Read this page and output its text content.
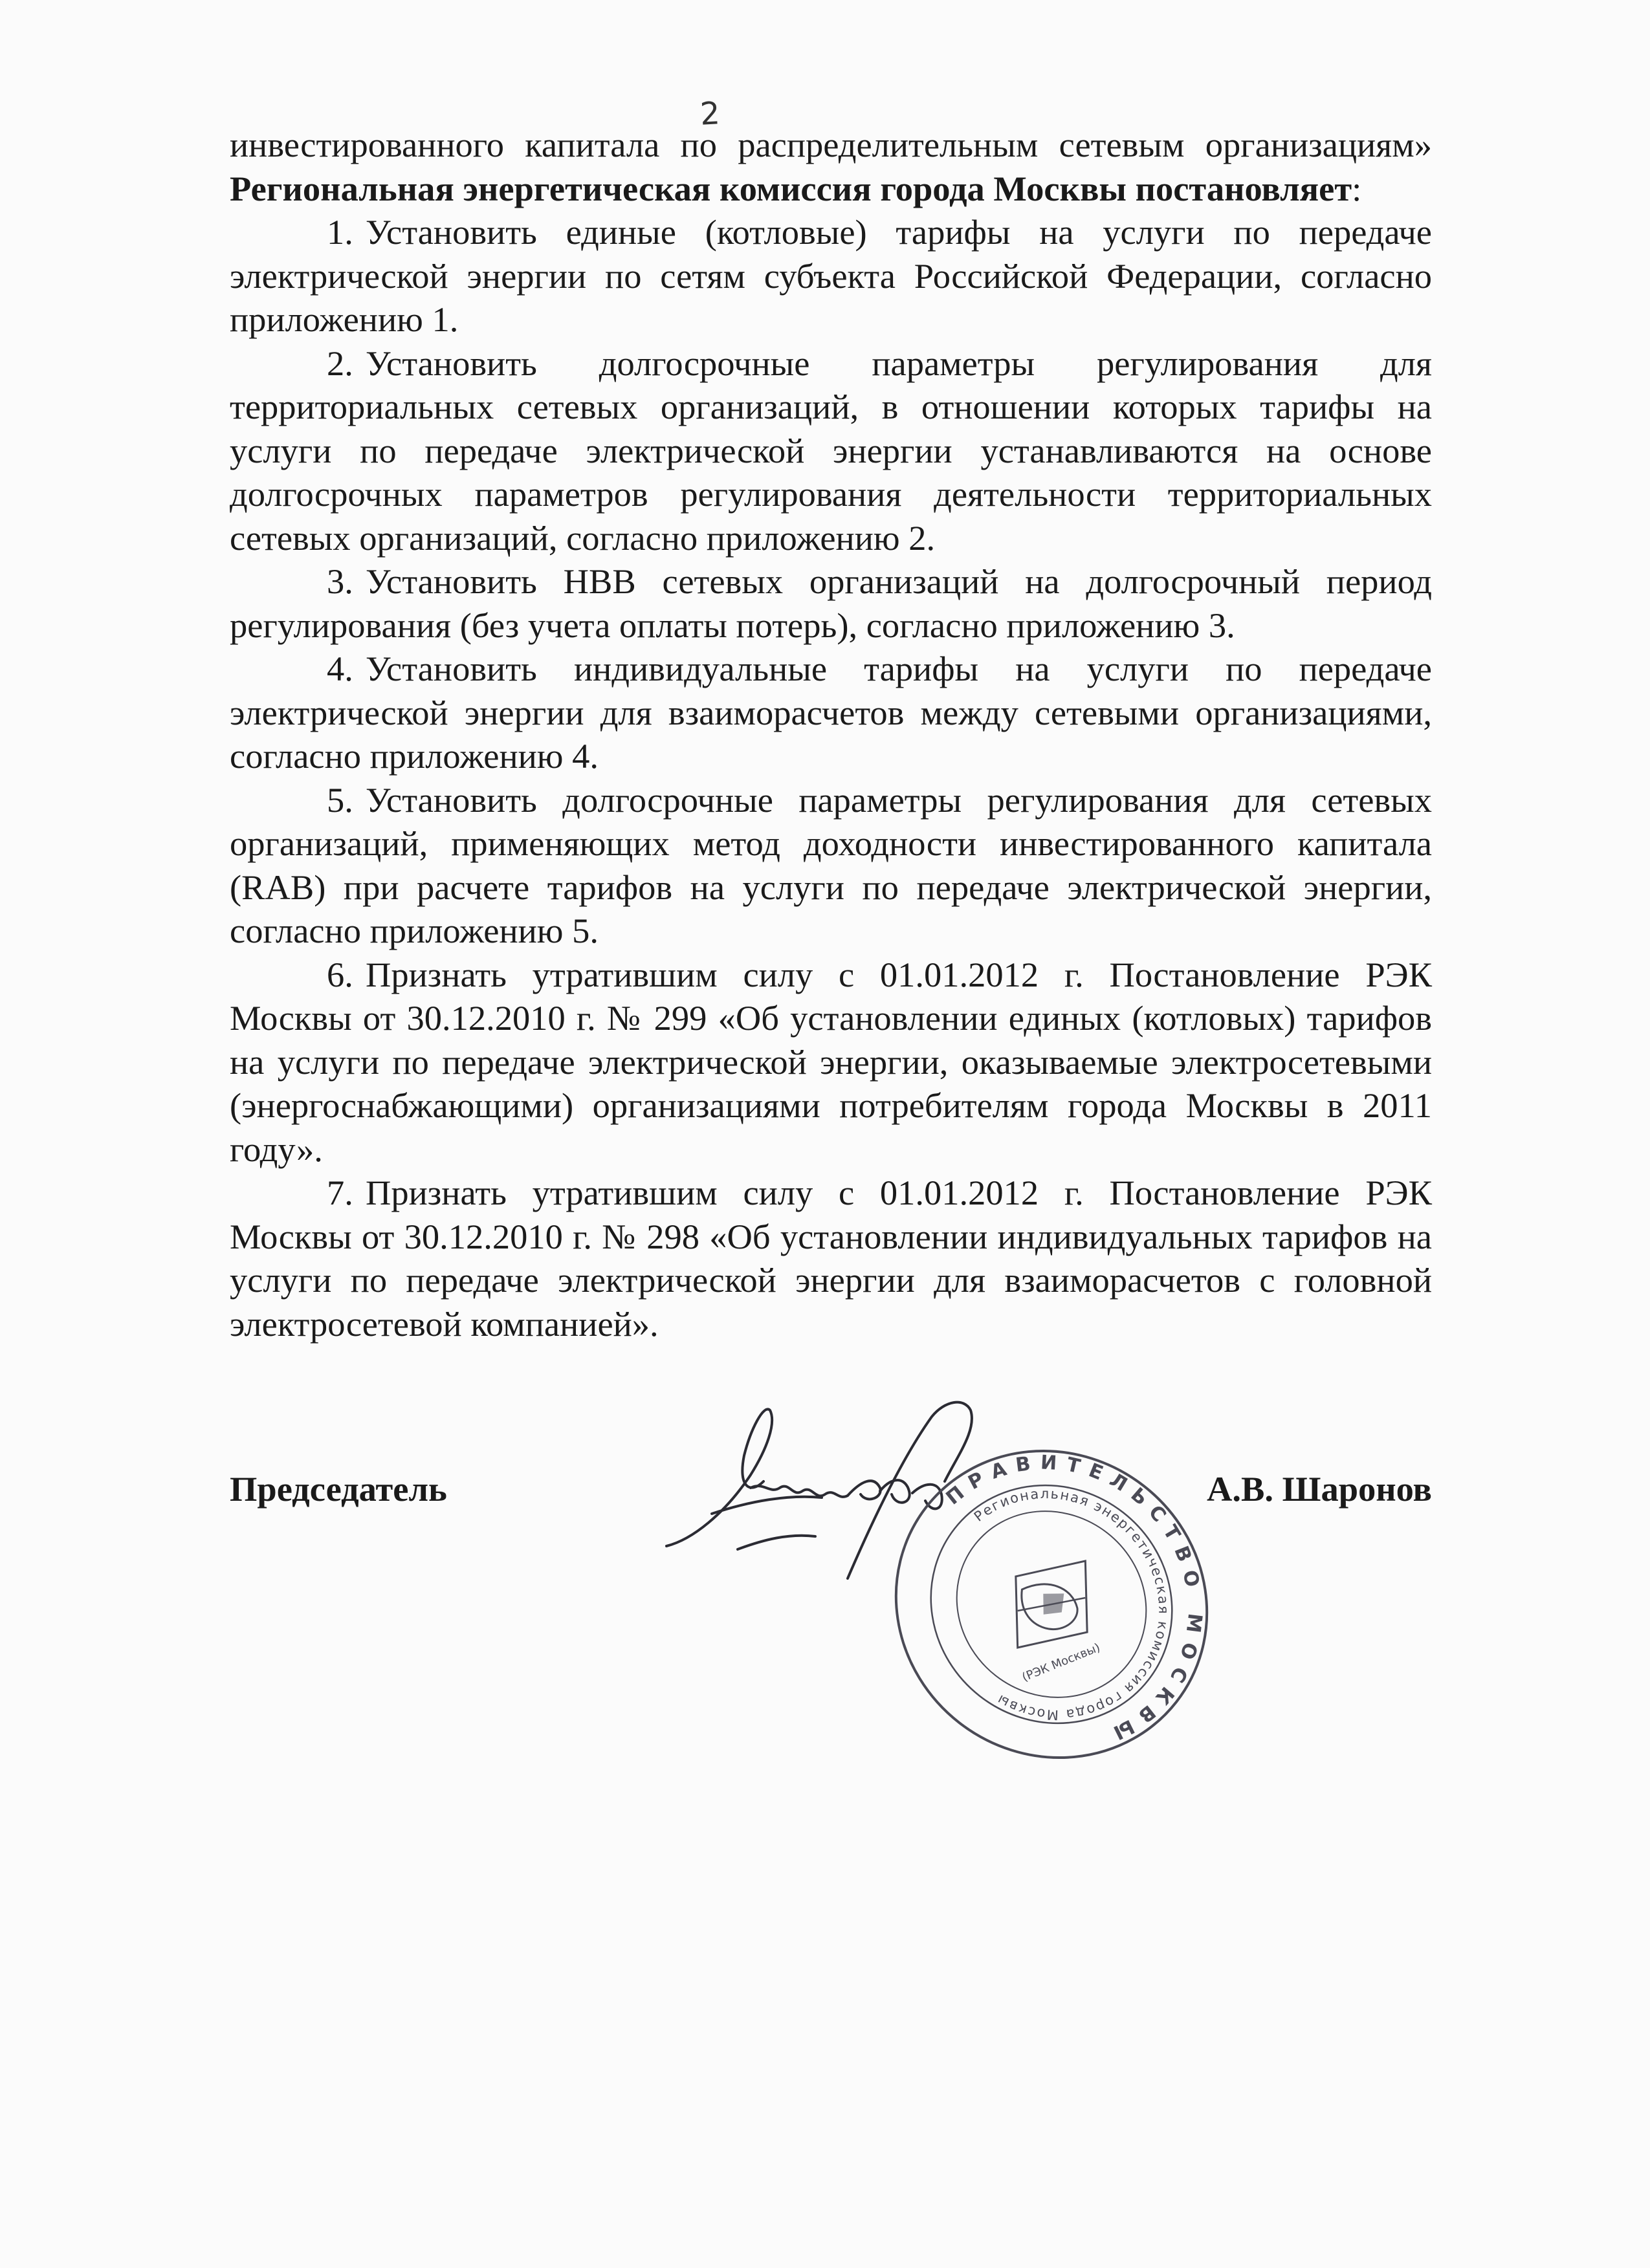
2

инвестированного капитала по распределительным сетевым организациям» Региональная энергетическая комиссия города Москвы постановляет:

1. Установить единые (котловые) тарифы на услуги по передаче электрической энергии по сетям субъекта Российской Федерации, согласно приложению 1.

2. Установить долгосрочные параметры регулирования для территориальных сетевых организаций, в отношении которых тарифы на услуги по передаче электрической энергии устанавливаются на основе долгосрочных параметров регулирования деятельности территориальных сетевых организаций, согласно приложению 2.

3. Установить НВВ сетевых организаций на долгосрочный период регулирования (без учета оплаты потерь), согласно приложению 3.

4. Установить индивидуальные тарифы на услуги по передаче электрической энергии для взаиморасчетов между сетевыми организациями, согласно приложению 4.

5. Установить долгосрочные параметры регулирования для сетевых организаций, применяющих метод доходности инвестированного капитала (RAB) при расчете тарифов на услуги по передаче электрической энергии, согласно приложению 5.

6. Признать утратившим силу с 01.01.2012 г. Постановление РЭК Москвы от 30.12.2010 г. № 299 «Об установлении единых (котловых) тарифов на услуги по передаче электрической энергии, оказываемые электросетевыми (энергоснабжающими) организациями потребителям города Москвы в 2011 году».

7. Признать утратившим силу с 01.01.2012 г. Постановление РЭК Москвы от 30.12.2010 г. № 298 «Об установлении индивидуальных тарифов на услуги по передаче электрической энергии для взаиморасчетов с головной электросетевой компанией».

Председатель	А.В. Шаронов
ПРАВИТЕЛЬСТВО МОСКВЫ
Региональная энергетическая комиссия города Москвы
(РЭК Москвы)
